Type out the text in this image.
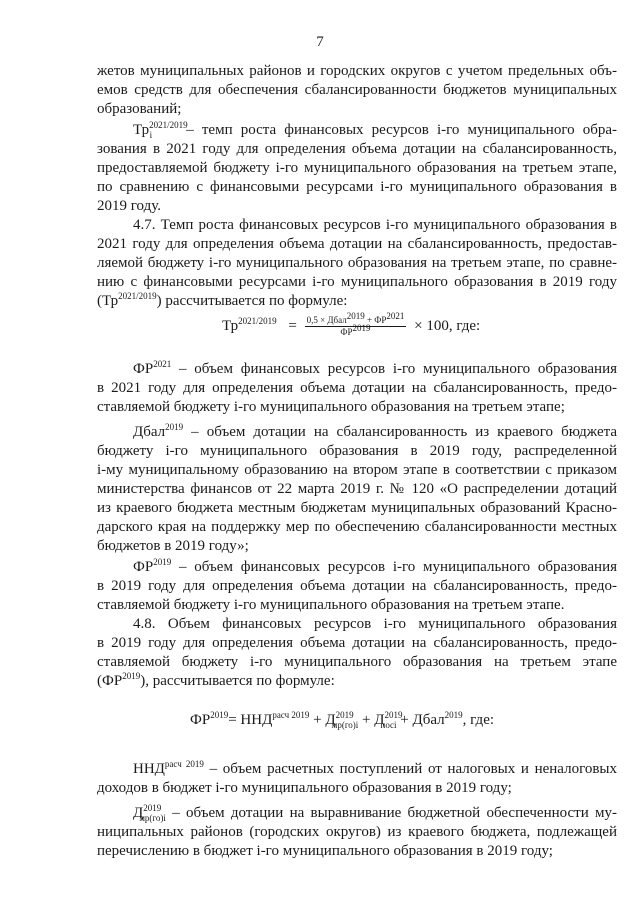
7
жетов муниципальных районов и городских округов с учетом предельных объ-
емов средств для обеспечения сбалансированности бюджетов муниципальных
образований;
$Тр^{2021/2019}_i$ – темп роста финансовых ресурсов i-го муниципального обра-
зования в 2021 году для определения объема дотации на сбалансированность,
предоставляемой бюджету i-го муниципального образования на третьем этапе,
по сравнению с финансовыми ресурсами i-го муниципального образования в
2019 году.
4.7. Темп роста финансовых ресурсов i-го муниципального образования в
2021 году для определения объема дотации на сбалансированность, предостав-
ляемой бюджету i-го муниципального образования на третьем этапе, по сравне-
нию с финансовыми ресурсами i-го муниципального образования в 2019 году
$(Тр^{2021/2019})$ рассчитывается по формуле:
$Тр^{2021/2019} = \frac{0,5 \times Дбал^{2019} + ФР^{2021}}{ФР^{2019}} \times 100$, где:
$ФР^{2021}$ – объем финансовых ресурсов i-го муниципального образования
в 2021 году для определения объема дотации на сбалансированность, предо-
ставляемой бюджету i-го муниципального образования на третьем этапе;
Дбал$^{2019}$ – объем дотации на сбалансированность из краевого бюджета
бюджету i-го муниципального образования в 2019 году, распределенной
i-му муниципальному образованию на втором этапе в соответствии с приказом
министерства финансов от 22 марта 2019 г. № 120 «О распределении дотаций
из краевого бюджета местным бюджетам муниципальных образований Красно-
дарского края на поддержку мер по обеспечению сбалансированности местных
бюджетов в 2019 году»;
$ФР^{2019}$ – объем финансовых ресурсов i-го муниципального образования
в 2019 году для определения объема дотации на сбалансированность, предо-
ставляемой бюджету i-го муниципального образования на третьем этапе.
4.8. Объем финансовых ресурсов i-го муниципального образования
в 2019 году для определения объема дотации на сбалансированность, предо-
ставляемой бюджету i-го муниципального образования на третьем этапе
$(ФР^{2019})$, рассчитывается по формуле:
$ФР^{2019}= ННД^{расч 2019} + Д^{2019}_{мр(го)i} + Д^{2019}_{посi}$ + Дбал$^{2019}$, где:
$ННД^{расч 2019}$ – объем расчетных поступлений от налоговых и неналоговых
доходов в бюджет i-го муниципального образования в 2019 году;
$Д^{2019}_{мр(го)i}$ – объем дотации на выравнивание бюджетной обеспеченности му-
ниципальных районов (городских округов) из краевого бюджета, подлежащей
перечислению в бюджет i-го муниципального образования в 2019 году;
